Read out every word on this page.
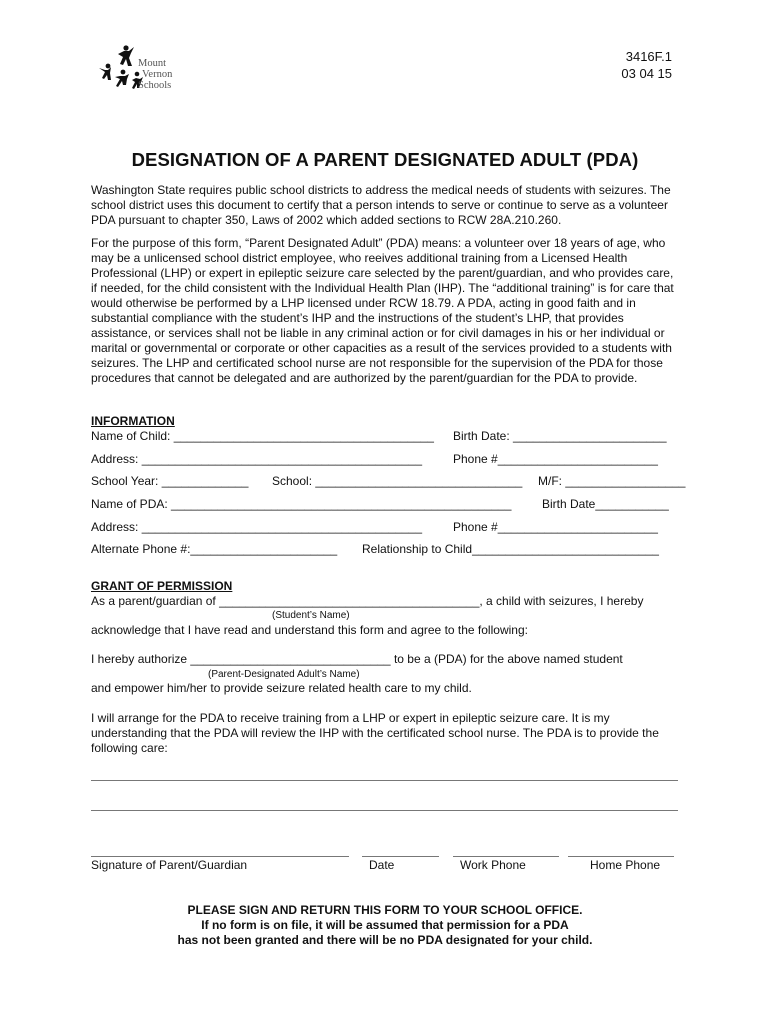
Mount
Vernon
Schools
3416F.1
03 04 15
DESIGNATION OF A PARENT DESIGNATED ADULT (PDA)
Washington State requires public school districts to address the medical needs of students with seizures. The school district uses this document to certify that a person intends to serve or continue to serve as a volunteer PDA pursuant to chapter 350, Laws of 2002 which added sections to RCW 28A.210.260.
For the purpose of this form, “Parent Designated Adult” (PDA) means: a volunteer over 18 years of age, who may be a unlicensed school district employee, who reeives additional training from a Licensed Health Professional (LHP) or expert in epileptic seizure care selected by the parent/guardian, and who provides care, if needed, for the child consistent with the Individual Health Plan (IHP). The “additional training” is for care that would otherwise be performed by a LHP licensed under RCW 18.79. A PDA, acting in good faith and in substantial compliance with the student’s IHP and the instructions of the student’s LHP, that provides assistance, or services shall not be liable in any criminal action or for civil damages in his or her individual or marital or governmental or corporate or other capacities as a result of the services provided to a students with seizures. The LHP and certificated school nurse are not responsible for the supervision of the PDA for those procedures that cannot be delegated and are authorized by the parent/guardian for the PDA to provide.
INFORMATION
Name of Child: _______________________________________ Birth Date: _______________________
Address: __________________________________________	Phone #________________________
School Year: _____________ School: _______________________________ M/F: __________________
Name of PDA: ___________________________________________________	Birth Date___________
Address: __________________________________________	Phone #________________________
Alternate Phone #:______________________ Relationship to Child____________________________
GRANT OF PERMISSION
As a parent/guardian of _______________________________________, a child with seizures, I hereby
(Student’s Name)
acknowledge that I have read and understand this form and agree to the following:
I hereby authorize ______________________________ to be a (PDA) for the above named student
(Parent-Designated Adult’s Name)
and empower him/her to provide seizure related health care to my child.
I will arrange for the PDA to receive training from a LHP or expert in epileptic seizure care. It is my understanding that the PDA will review the IHP with the certificated school nurse. The PDA is to provide the following care:
Signature of Parent/Guardian	Date	Work Phone	Home Phone
PLEASE SIGN AND RETURN THIS FORM TO YOUR SCHOOL OFFICE.
If no form is on file, it will be assumed that permission for a PDA
has not been granted and there will be no PDA designated for your child.
